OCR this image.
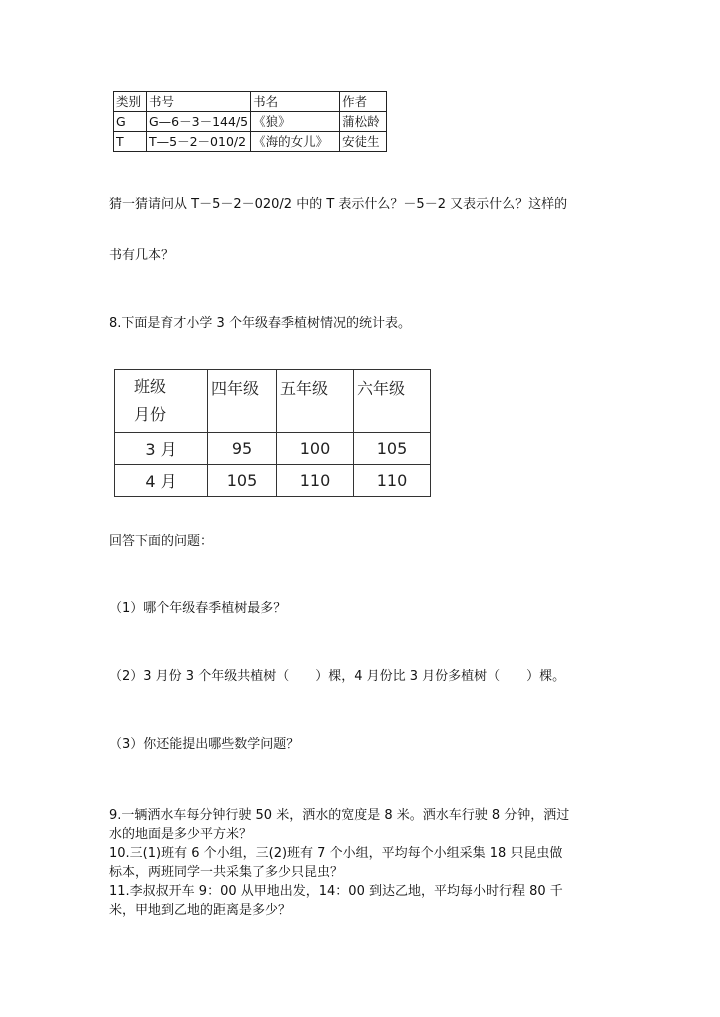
类别	书号	书名	作者
G	G—6－3－144/5	《狼》	蒲松龄
T	T—5－2－010/2	《海的女儿》	安徒生
猜一猜请问从 T－5－2－020/2 中的 T 表示什么？－5－2 又表示什么？这样的
书有几本？
8.下面是育才小学 3 个年级春季植树情况的统计表。
班级
月份	四年级	五年级	六年级
3 月	95	100	105
4 月	105	110	110
回答下面的问题：
（1）哪个年级春季植树最多？
（2）3 月份 3 个年级共植树（　　）棵，4 月份比 3 月份多植树（　　）棵。
（3）你还能提出哪些数学问题？
9.一辆洒水车每分钟行驶 50 米，洒水的宽度是 8 米。洒水车行驶 8 分钟，洒过
水的地面是多少平方米？
10.三(1)班有 6 个小组，三(2)班有 7 个小组，平均每个小组采集 18 只昆虫做
标本，两班同学一共采集了多少只昆虫？
11.李叔叔开车 9：00 从甲地出发，14：00 到达乙地，平均每小时行程 80 千
米，甲地到乙地的距离是多少？
